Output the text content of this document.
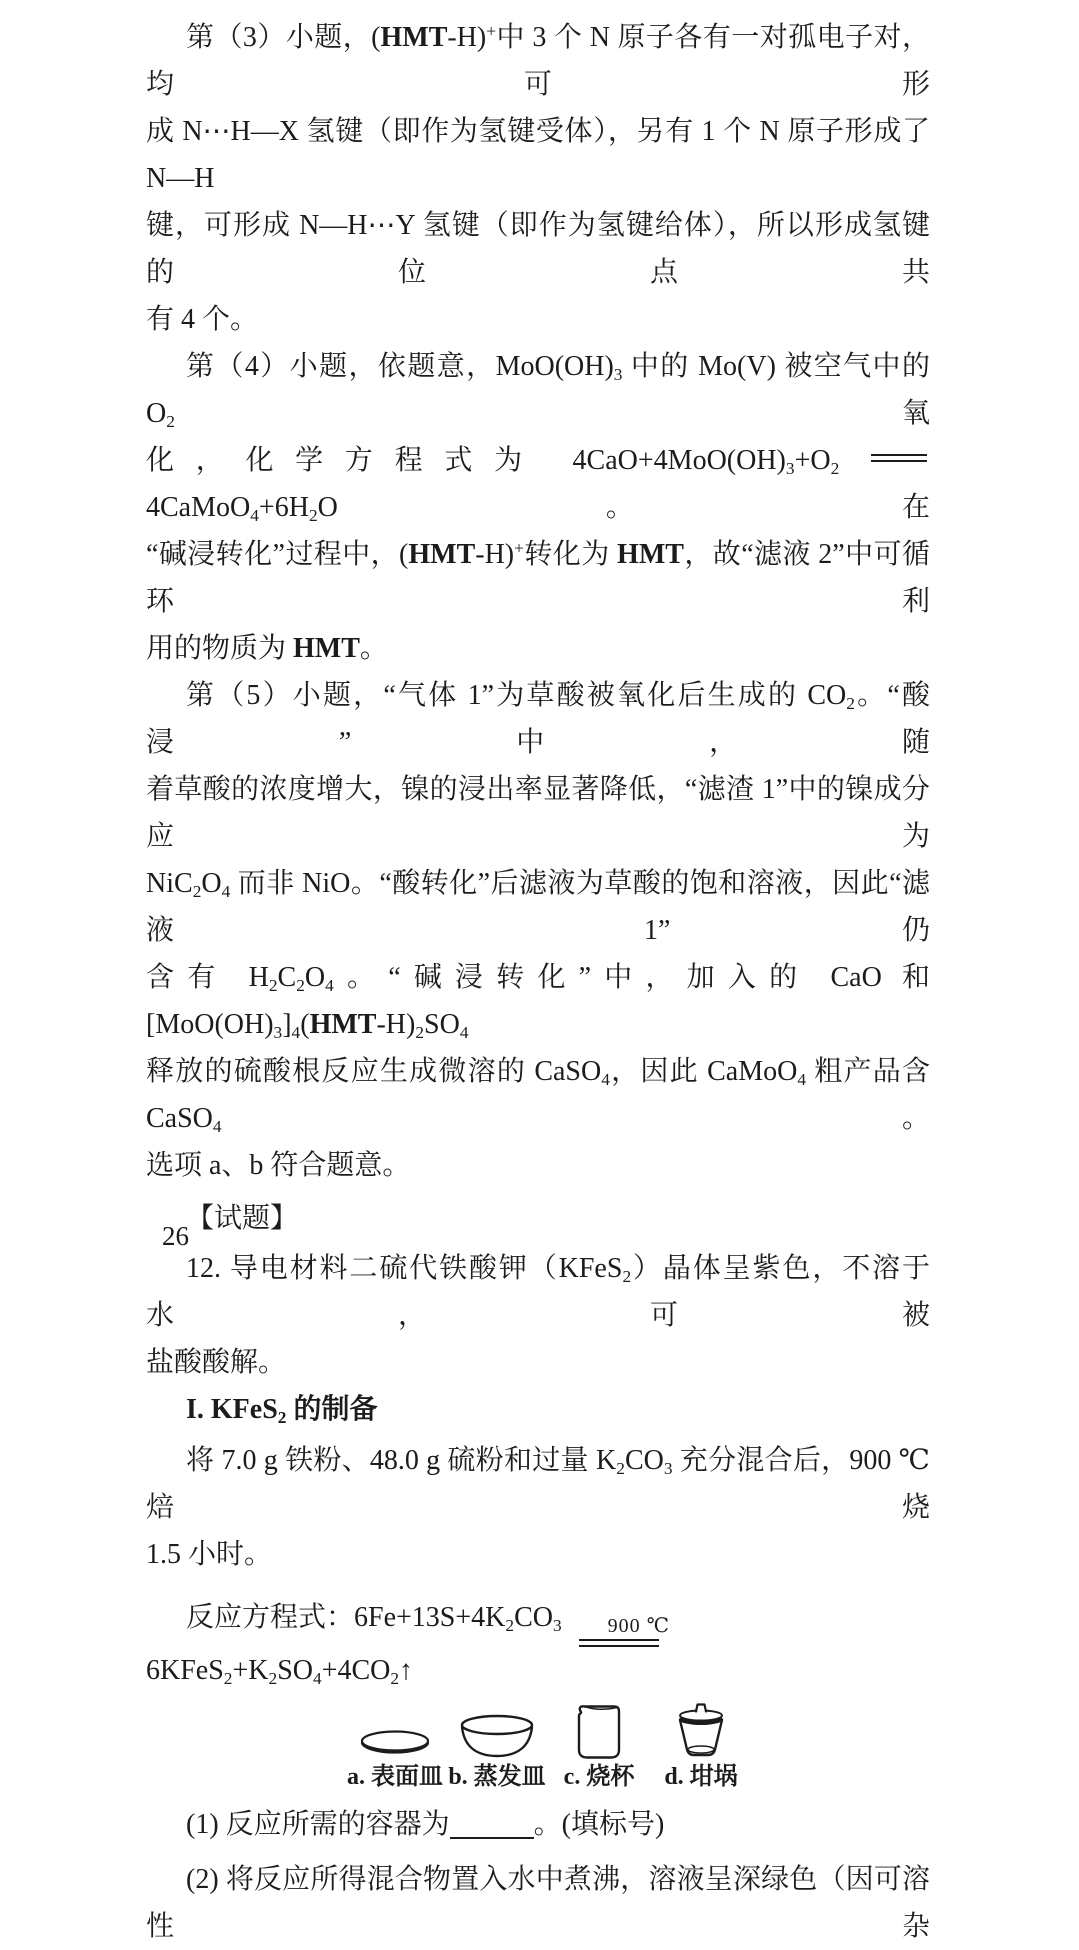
第（3）小题，(HMT-H)+中 3 个 N 原子各有一对孤电子对，均可形
成 N⋯H—X 氢键（即作为氢键受体），另有 1 个 N 原子形成了 N—H
键，可形成 N—H⋯Y 氢键（即作为氢键给体），所以形成氢键的位点共
有 4 个。
第（4）小题，依题意，$MoO(OH)_3$ 中的 Mo(V) 被空气中的 $O_2$ 氧
化，化学方程式为 $4CaO+4MoO(OH)_3+O_2$ $4CaMoO_4+6H_2O$。在
“碱浸转化”过程中，(HMT-H)+转化为 HMT，故“滤液 2”中可循环利
用的物质为 HMT。
第（5）小题，“气体 1”为草酸被氧化后生成的 $CO_2$。“酸浸”中，随
着草酸的浓度增大，镍的浸出率显著降低，“滤渣 1”中的镍成分应为
$NiC_2O_4$ 而非 NiO。“酸转化”后滤液为草酸的饱和溶液，因此“滤液 1”仍
含有 $H_2C_2O_4$。“碱浸转化”中，加入的 CaO 和 $[MoO(OH)_3]_4(HMT-H)_2SO_4$
释放的硫酸根反应生成微溶的 CaSO$_4$，因此 CaMoO$_4$ 粗产品含 CaSO$_4$。
选项 a、b 符合题意。
【试题】
12. 导电材料二硫代铁酸钾（KFeS$_2$）晶体呈紫色，不溶于水，可被
盐酸酸解。
I. KFeS$_2$ 的制备
将 7.0 g 铁粉、48.0 g 硫粉和过量 $K_2CO_3$ 充分混合后，900 ℃焙烧
1.5 小时。
反应方程式：$6Fe+13S+4K_2CO_3$	900 ℃
$6KFeS_2+K_2SO_4+4CO_2↑$
a. 表面皿 b. 蒸发皿 c. 烧杯 d. 坩埚
(1) 反应所需的容器为	。(填标号)
(2) 将反应所得混合物置入水中煮沸，溶液呈深绿色（因可溶性杂
26
